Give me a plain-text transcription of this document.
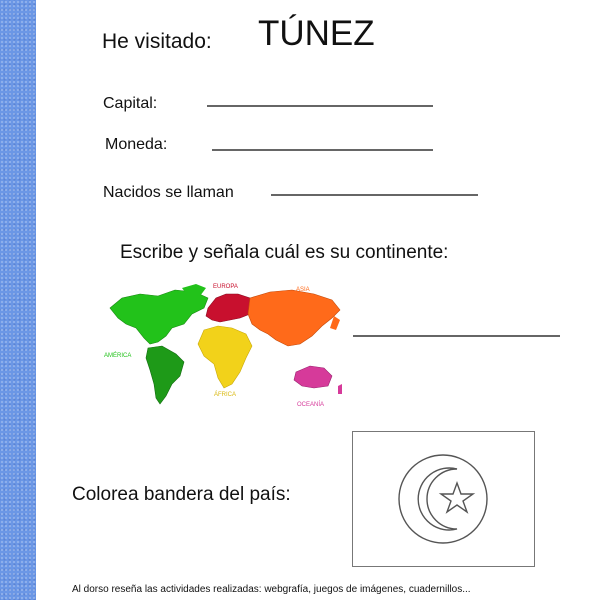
He visitado: TÚNEZ
Capital:
Moneda:
Nacidos se llaman
Escribe y señala cuál es su continente:
EUROPA	ASIA
AMÉRICA
ÁFRICA
OCEANÍA
Colorea bandera del país:
Al dorso reseña las actividades realizadas: webgrafía, juegos de imágenes, cuadernillos...
